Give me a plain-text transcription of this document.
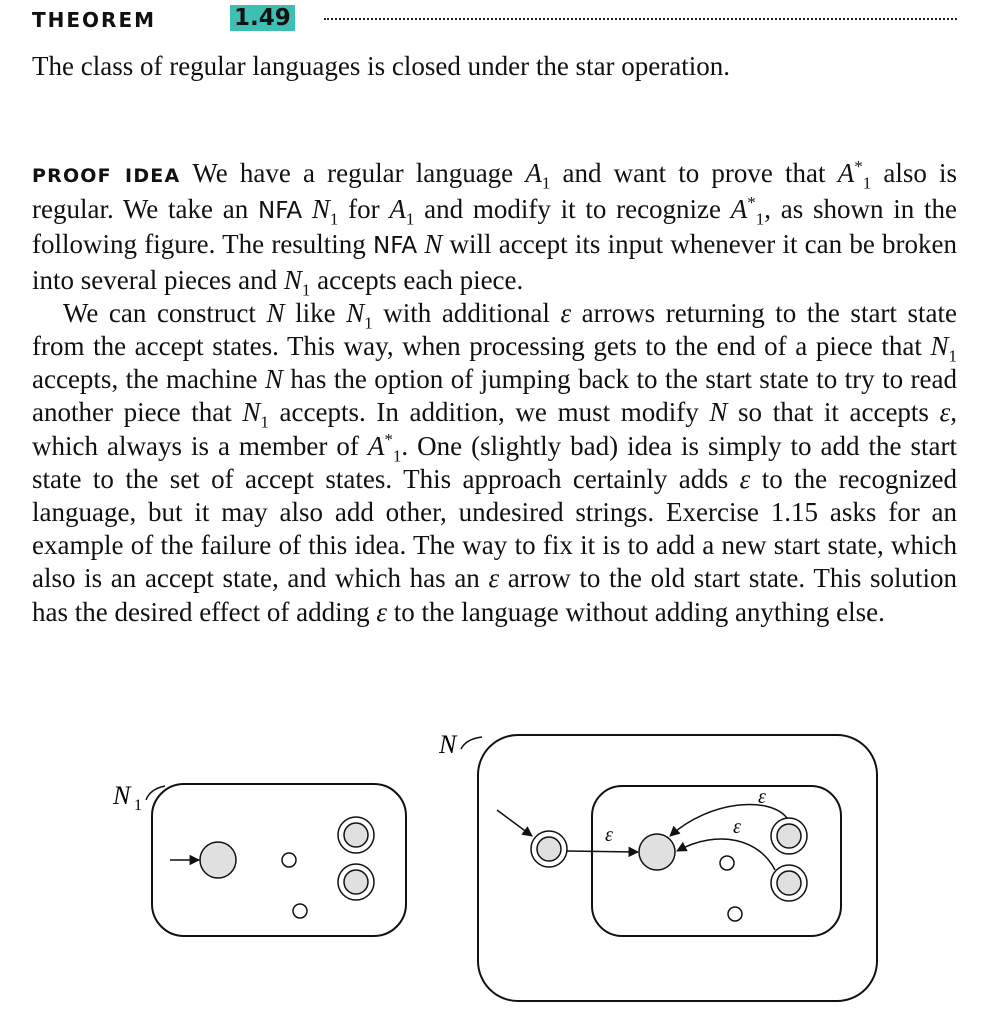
THEOREM	1.49
The class of regular languages is closed under the star operation.

PROOF IDEA We have a regular language $A_1$ and want to prove that $A^*_1$ also is regular. We take an NFA $N_1$ for $A_1$ and modify it to recognize $A^*_1$, as shown in the following figure. The resulting NFA N will accept its input whenever it can be broken into several pieces and $N_1$ accepts each piece.

We can construct N like $N_1$ with additional ε arrows returning to the start state from the accept states. This way, when processing gets to the end of a piece that $N_1$ accepts, the machine N has the option of jumping back to the start state to try to read another piece that $N_1$ accepts. In addition, we must modify N so that it accepts ε, which always is a member of $A^*_1$. One (slightly bad) idea is simply to add the start state to the set of accept states. This approach certainly adds ε to the recognized language, but it may also add other, undesired strings. Exercise 1.15 asks for an example of the failure of this idea. The way to fix it is to add a new start state, which also is an accept state, and which has an ε arrow to the old start state. This solution has the desired effect of adding ε to the language without adding anything else.

N 1
N
ε
ε
ε
